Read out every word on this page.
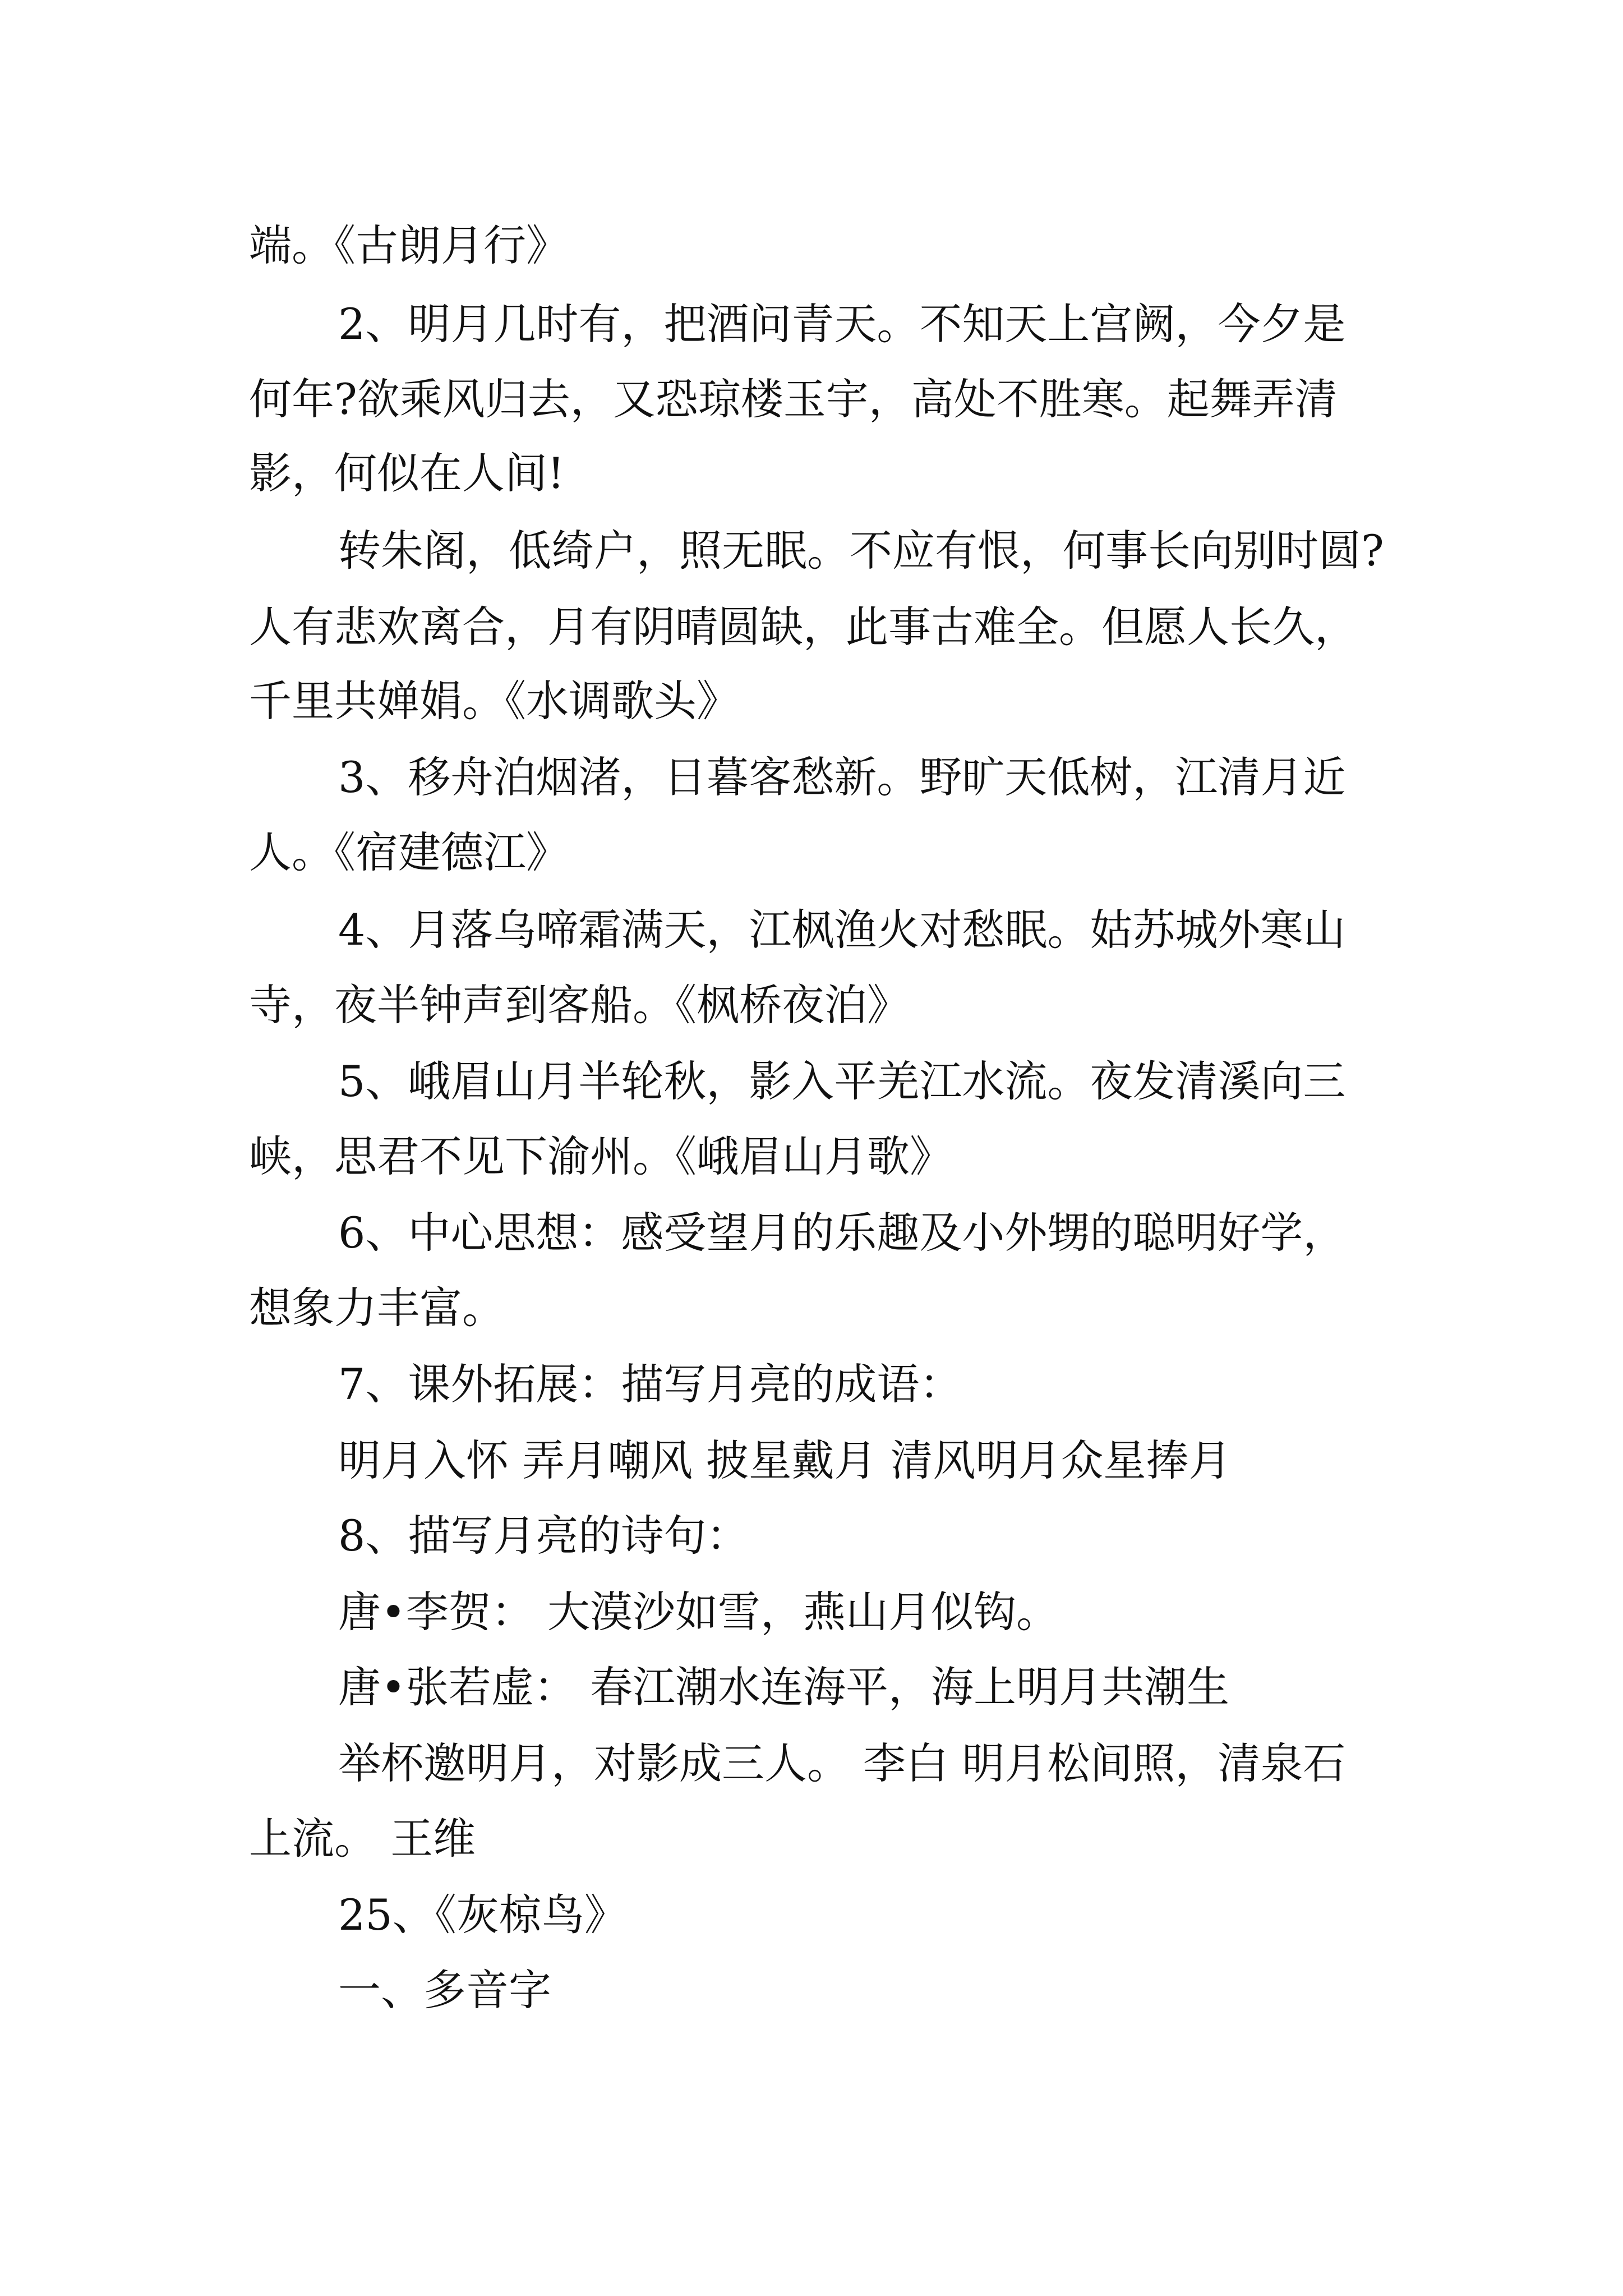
端。《古朗月行》

2、明月几时有，把酒问青天。不知天上宫阙，今夕是

何年?欲乘风归去，又恐琼楼玉宇，高处不胜寒。起舞弄清

影，何似在人间!

转朱阁，低绮户，照无眠。不应有恨，何事长向别时圆?

人有悲欢离合，月有阴晴圆缺，此事古难全。但愿人长久，

千里共婵娟。《水调歌头》

3、移舟泊烟渚，日暮客愁新。野旷天低树，江清月近

人。《宿建德江》

4、月落乌啼霜满天，江枫渔火对愁眠。姑苏城外寒山

寺，夜半钟声到客船。《枫桥夜泊》

5、峨眉山月半轮秋，影入平羌江水流。夜发清溪向三

峡，思君不见下渝州。《峨眉山月歌》

6、中心思想：感受望月的乐趣及小外甥的聪明好学，

想象力丰富。

7、课外拓展：描写月亮的成语：

明月入怀 弄月嘲风 披星戴月 清风明月众星捧月

8、描写月亮的诗句：

唐•李贺： 大漠沙如雪，燕山月似钩。

唐•张若虚： 春江潮水连海平，海上明月共潮生

举杯邀明月，对影成三人。 李白 明月松间照，清泉石

上流。 王维

25、《灰椋鸟》

一、多音字
